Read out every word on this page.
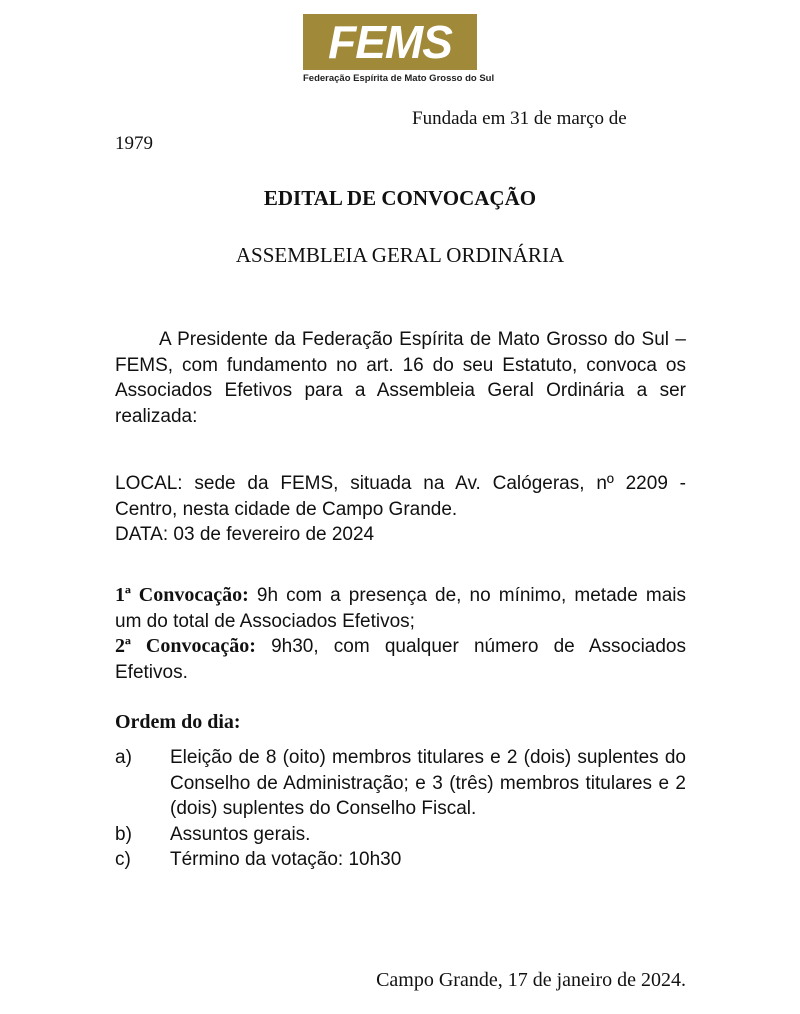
FEMS
Federação Espírita de Mato Grosso do Sul
Fundada em 31 de março de
1979
EDITAL DE CONVOCAÇÃO
ASSEMBLEIA GERAL ORDINÁRIA
A Presidente da Federação Espírita de Mato Grosso do Sul – FEMS, com fundamento no art. 16 do seu Estatuto, convoca os Associados Efetivos para a Assembleia Geral Ordinária a ser realizada:
LOCAL: sede da FEMS, situada na Av. Calógeras, nº 2209 - Centro, nesta cidade de Campo Grande.
DATA: 03 de fevereiro de 2024
1ª Convocação: 9h com a presença de, no mínimo, metade mais um do total de Associados Efetivos;
2ª Convocação: 9h30, com qualquer número de Associados Efetivos.
Ordem do dia:
a) Eleição de 8 (oito) membros titulares e 2 (dois) suplentes do Conselho de Administração; e 3 (três) membros titulares e 2 (dois) suplentes do Conselho Fiscal.
b) Assuntos gerais.
c) Término da votação: 10h30
Campo Grande, 17 de janeiro de 2024.
